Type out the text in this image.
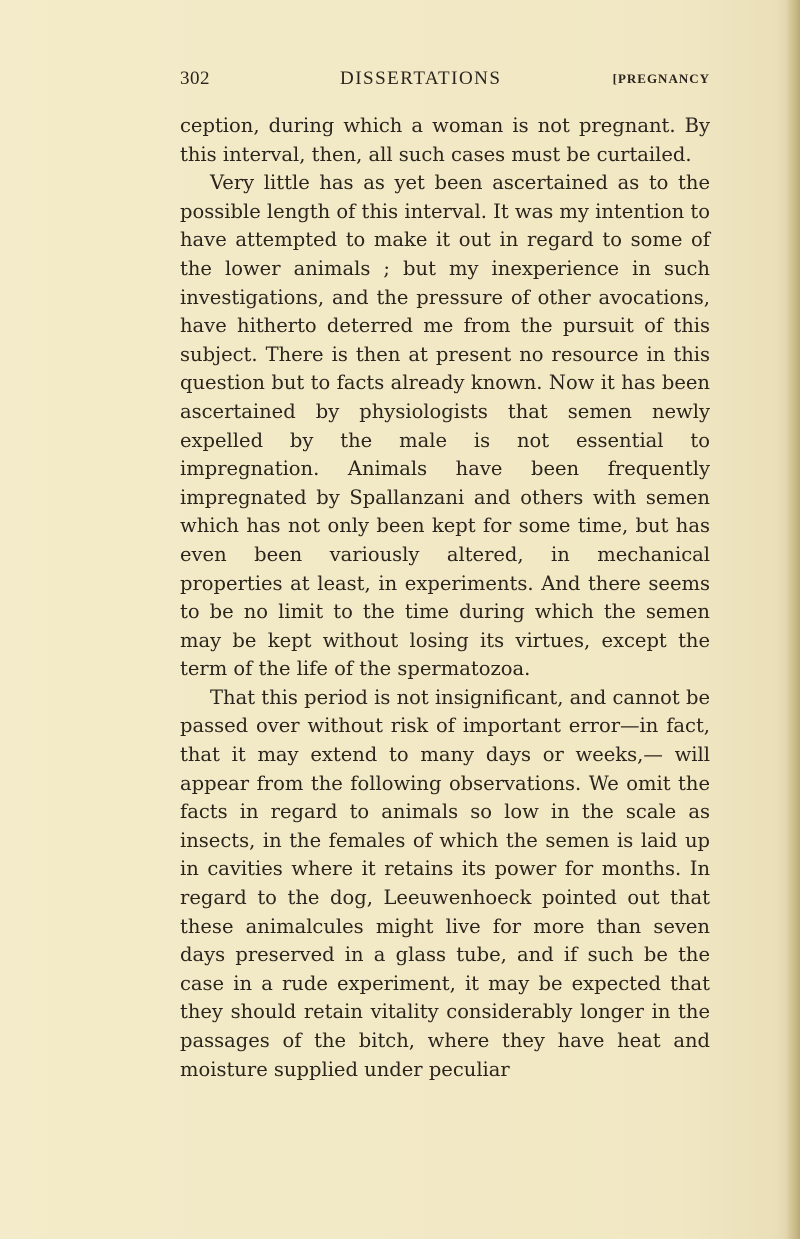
302	DISSERTATIONS	[PREGNANCY

ception, during which a woman is not pregnant. By this interval, then, all such cases must be curtailed.

Very little has as yet been ascertained as to the possible length of this interval. It was my intention to have attempted to make it out in regard to some of the lower animals ; but my inexperience in such investigations, and the pressure of other avocations, have hitherto deterred me from the pursuit of this subject. There is then at present no resource in this question but to facts already known. Now it has been ascertained by physiologists that semen newly expelled by the male is not essential to impregnation. Animals have been frequently impregnated by Spallanzani and others with semen which has not only been kept for some time, but has even been variously altered, in mechanical properties at least, in experiments. And there seems to be no limit to the time during which the semen may be kept without losing its virtues, except the term of the life of the spermatozoa.

That this period is not insignificant, and cannot be passed over without risk of important error—in fact, that it may extend to many days or weeks,— will appear from the following observations. We omit the facts in regard to animals so low in the scale as insects, in the females of which the semen is laid up in cavities where it retains its power for months. In regard to the dog, Leeuwenhoeck pointed out that these animalcules might live for more than seven days preserved in a glass tube, and if such be the case in a rude experiment, it may be expected that they should retain vitality considerably longer in the passages of the bitch, where they have heat and moisture supplied under peculiar
